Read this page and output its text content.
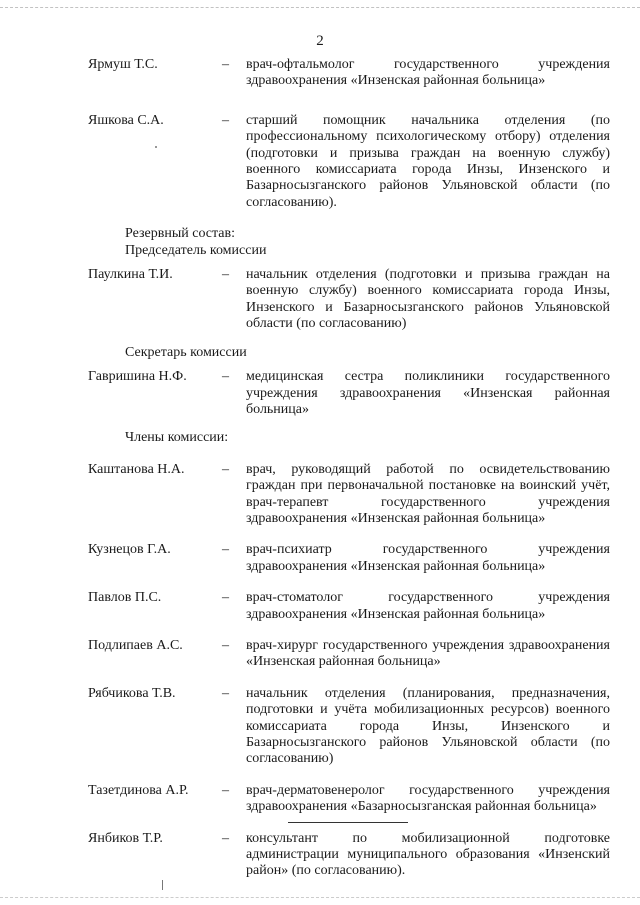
2
Ярмуш Т.С.	–	врач-офтальмолог государственного учреждения здравоохранения «Инзенская районная больница»
Яшкова С.А.	–	старший помощник начальника отделения (по профессиональному психологическому отбору) отделения (подготовки и призыва граждан на военную службу) военного комиссариата города Инзы, Инзенского и Базарносызганского районов Ульяновской области (по согласованию).
Резервный состав:
Председатель комиссии
Паулкина Т.И.	–	начальник отделения (подготовки и призыва граждан на военную службу) военного комиссариата города Инзы, Инзенского и Базарносызганского районов Ульяновской области (по согласованию)
Секретарь комиссии
Гавришина Н.Ф.	–	медицинская сестра поликлиники государственного учреждения здравоохранения «Инзенская районная больница»
Члены комиссии:
Каштанова Н.А.	–	врач, руководящий работой по освидетельствованию граждан при первоначальной постановке на воинский учёт, врач-терапевт государственного учреждения здравоохранения «Инзенская районная больница»
Кузнецов Г.А.	–	врач-психиатр государственного учреждения здравоохранения «Инзенская районная больница»
Павлов П.С.	–	врач-стоматолог государственного учреждения здравоохранения «Инзенская районная больница»
Подлипаев А.С.	–	врач-хирург государственного учреждения здравоохранения «Инзенская районная больница»
Рябчикова Т.В.	–	начальник отделения (планирования, предназначения, подготовки и учёта мобилизационных ресурсов) военного комиссариата города Инзы, Инзенского и Базарносызганского районов Ульяновской области (по согласованию)
Тазетдинова А.Р.	–	врач-дерматовенеролог государственного учреждения здравоохранения «Базарносызганская районная больница»
Янбиков Т.Р.	–	консультант по мобилизационной подготовке администрации муниципального образования «Инзенский район» (по согласованию).
